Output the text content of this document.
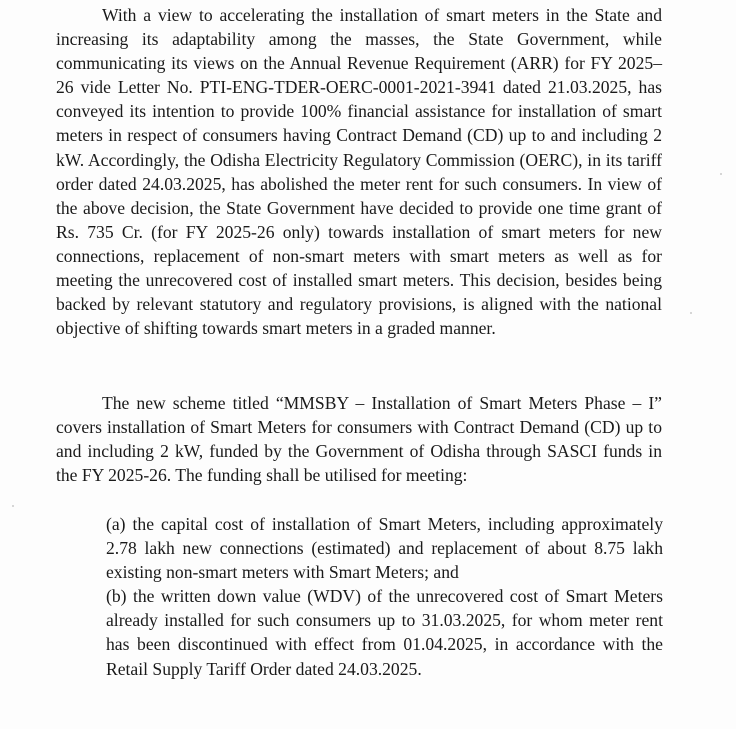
With a view to accelerating the installation of smart meters in the State and increasing its adaptability among the masses, the State Government, while communicating its views on the Annual Revenue Requirement (ARR) for FY 2025–26 vide Letter No. PTI-ENG-TDER-OERC-0001-2021-3941 dated 21.03.2025, has conveyed its intention to provide 100% financial assistance for installation of smart meters in respect of consumers having Contract Demand (CD) up to and including 2 kW. Accordingly, the Odisha Electricity Regulatory Commission (OERC), in its tariff order dated 24.03.2025, has abolished the meter rent for such consumers. In view of the above decision, the State Government have decided to provide one time grant of Rs. 735 Cr. (for FY 2025-26 only) towards installation of smart meters for new connections, replacement of non-smart meters with smart meters as well as for meeting the unrecovered cost of installed smart meters. This decision, besides being backed by relevant statutory and regulatory provisions, is aligned with the national objective of shifting towards smart meters in a graded manner.

The new scheme titled “MMSBY – Installation of Smart Meters Phase – I” covers installation of Smart Meters for consumers with Contract Demand (CD) up to and including 2 kW, funded by the Government of Odisha through SASCI funds in the FY 2025-26. The funding shall be utilised for meeting:

(a) the capital cost of installation of Smart Meters, including approximately 2.78 lakh new connections (estimated) and replacement of about 8.75 lakh existing non-smart meters with Smart Meters; and

(b) the written down value (WDV) of the unrecovered cost of Smart Meters already installed for such consumers up to 31.03.2025, for whom meter rent has been discontinued with effect from 01.04.2025, in accordance with the Retail Supply Tariff Order dated 24.03.2025.
